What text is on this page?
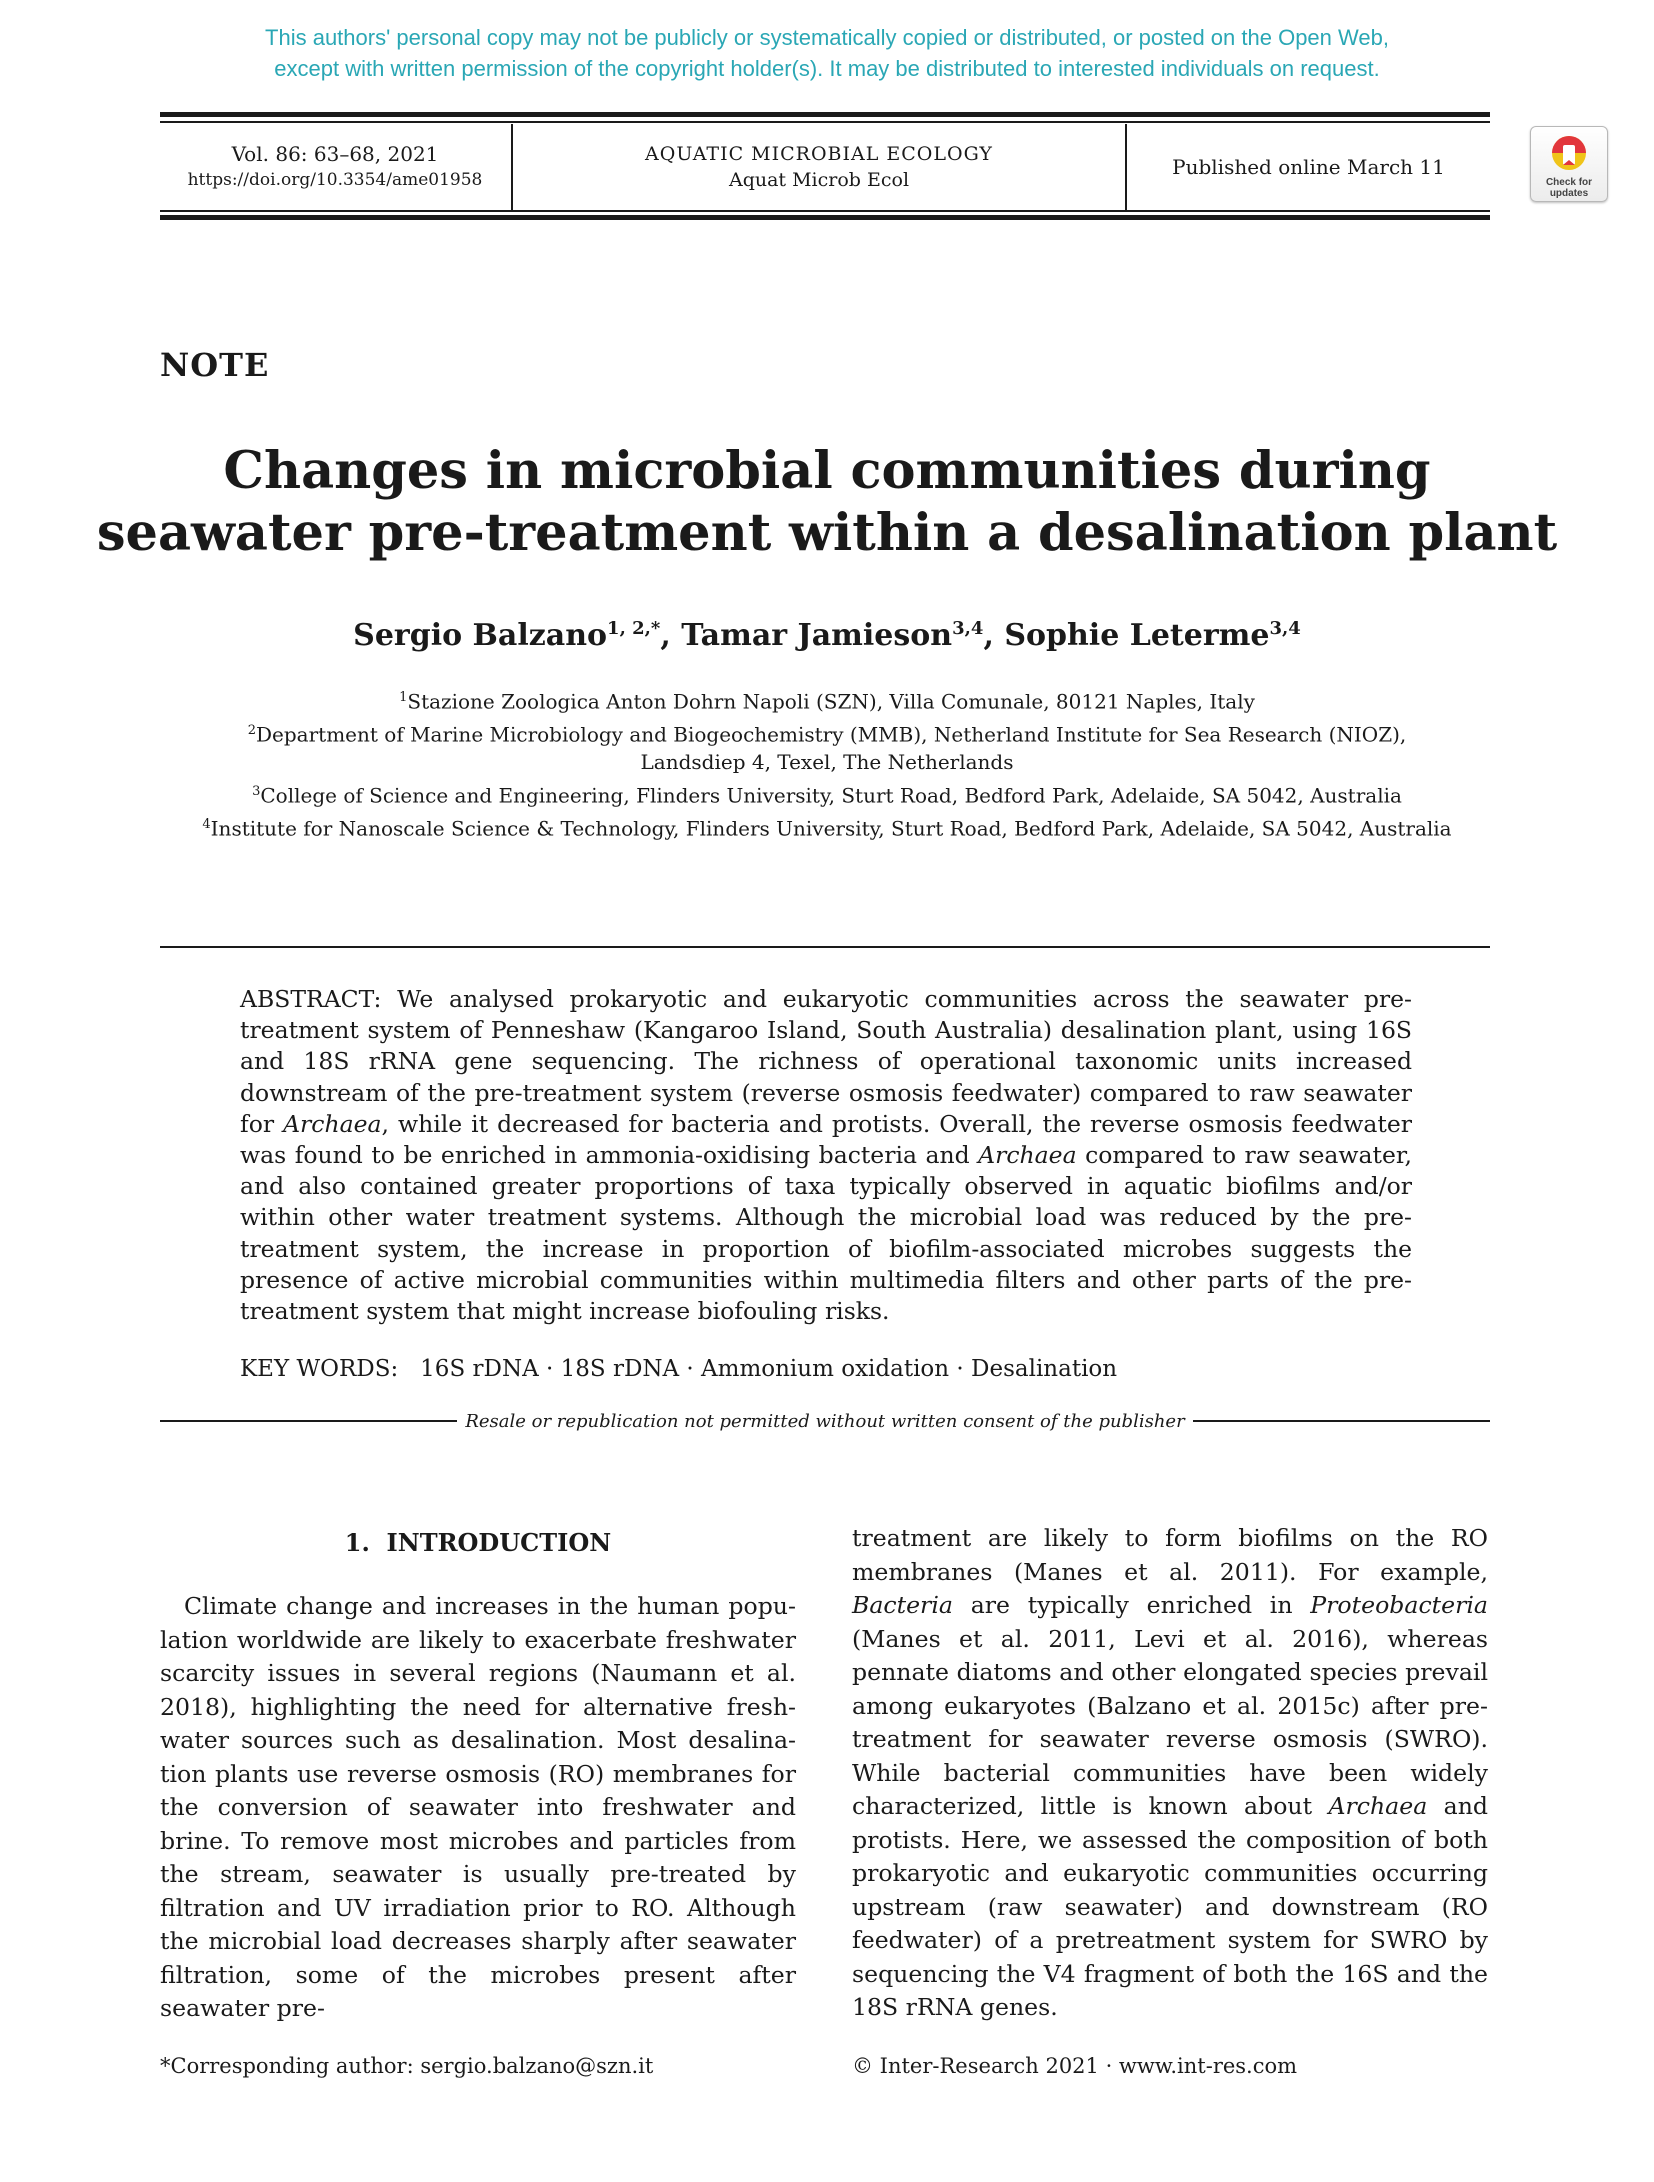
This authors' personal copy may not be publicly or systematically copied or distributed, or posted on the Open Web,
except with written permission of the copyright holder(s). It may be distributed to interested individuals on request.
Vol. 86: 63–68, 2021
https://doi.org/10.3354/ame01958
AQUATIC MICROBIAL ECOLOGY
Aquat Microb Ecol
Published online March 11
Check for updates
NOTE
Changes in microbial communities during
seawater pre-treatment within a desalination plant
Sergio Balzano$^{1, 2,*}$, Tamar Jamieson$^{3,4}$, Sophie Leterme$^{3,4}$
$^1$Stazione Zoologica Anton Dohrn Napoli (SZN), Villa Comunale, 80121 Naples, Italy
$^2$Department of Marine Microbiology and Biogeochemistry (MMB), Netherland Institute for Sea Research (NIOZ),
Landsdiep 4, Texel, The Netherlands
$^3$College of Science and Engineering, Flinders University, Sturt Road, Bedford Park, Adelaide, SA 5042, Australia
$^4$Institute for Nanoscale Science & Technology, Flinders University, Sturt Road, Bedford Park, Adelaide, SA 5042, Australia
ABSTRACT: We analysed prokaryotic and eukaryotic communities across the seawater pre-treatment system of Penneshaw (Kangaroo Island, South Australia) desalination plant, using 16S and 18S rRNA gene sequencing. The richness of operational taxonomic units increased downstream of the pre-treatment system (reverse osmosis feedwater) compared to raw seawater for Archaea, while it decreased for bacteria and protists. Overall, the reverse osmosis feedwater was found to be enriched in ammonia-oxidising bacteria and Archaea compared to raw seawater, and also contained greater proportions of taxa typically observed in aquatic biofilms and/or within other water treatment systems. Although the microbial load was reduced by the pre-treatment system, the increase in proportion of biofilm-associated microbes suggests the presence of active microbial communities within multimedia filters and other parts of the pre-treatment system that might increase biofouling risks.
KEY WORDS: 16S rDNA · 18S rDNA · Ammonium oxidation · Desalination
Resale or republication not permitted without written consent of the publisher
1.  INTRODUCTION
Climate change and increases in the human population worldwide are likely to exacerbate freshwater scarcity issues in several regions (Naumann et al. 2018), highlighting the need for alternative freshwater sources such as desalination. Most desalination plants use reverse osmosis (RO) membranes for the conversion of seawater into freshwater and brine. To remove most microbes and particles from the stream, seawater is usually pre-treated by filtration and UV irradiation prior to RO. Although the microbial load decreases sharply after seawater filtration, some of the microbes present after seawater pre-
treatment are likely to form biofilms on the RO membranes (Manes et al. 2011). For example, Bacteria are typically enriched in Proteobacteria (Manes et al. 2011, Levi et al. 2016), whereas pennate diatoms and other elongated species prevail among eukaryotes (Balzano et al. 2015c) after pre-treatment for seawater reverse osmosis (SWRO). While bacterial communities have been widely characterized, little is known about Archaea and protists. Here, we assessed the composition of both prokaryotic and eukaryotic communities occurring upstream (raw seawater) and downstream (RO feedwater) of a pretreatment system for SWRO by sequencing the V4 fragment of both the 16S and the 18S rRNA genes.
*Corresponding author: sergio.balzano@szn.it	© Inter-Research 2021 · www.int-res.com
